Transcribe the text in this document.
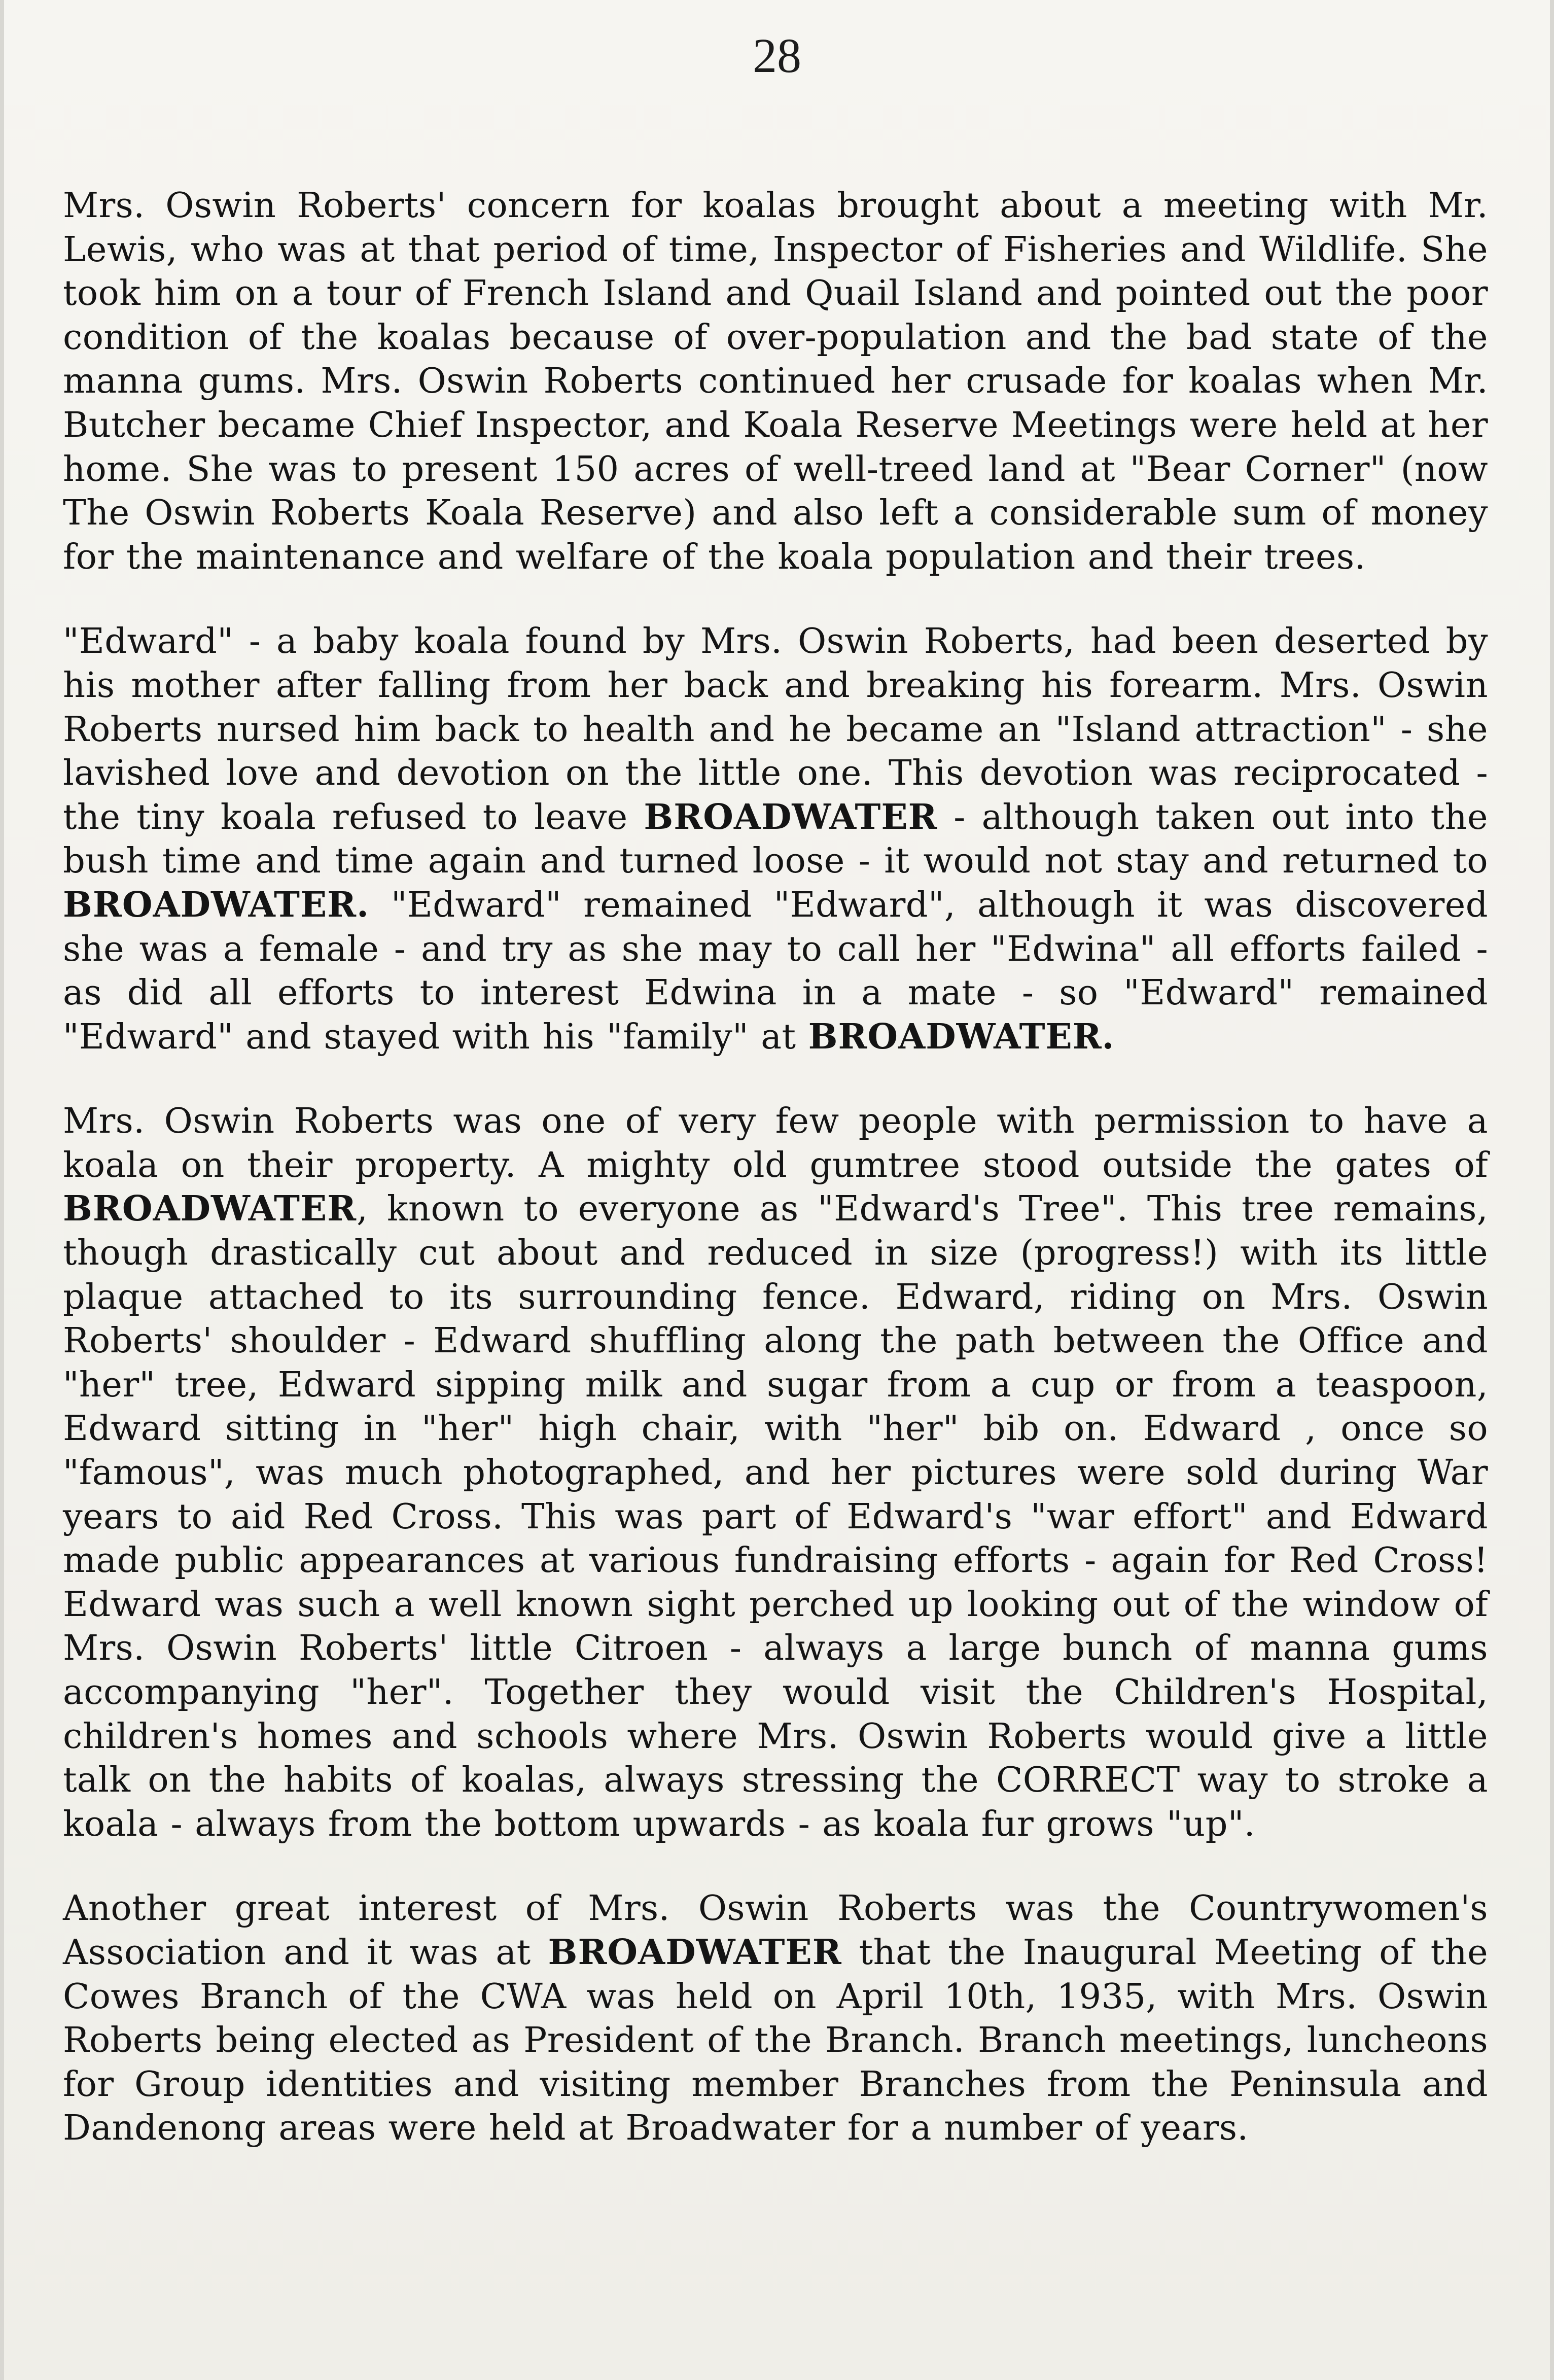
28

Mrs. Oswin Roberts' concern for koalas brought about a meeting with Mr. Lewis, who was at that period of time, Inspector of Fisheries and Wildlife. She took him on a tour of French Island and Quail Island and pointed out the poor condition of the koalas because of over-population and the bad state of the manna gums. Mrs. Oswin Roberts continued her crusade for koalas when Mr. Butcher became Chief Inspector, and Koala Reserve Meetings were held at her home. She was to present 150 acres of well-treed land at "Bear Corner" (now The Oswin Roberts Koala Reserve) and also left a considerable sum of money for the maintenance and welfare of the koala population and their trees.

"Edward" - a baby koala found by Mrs. Oswin Roberts, had been deserted by his mother after falling from her back and breaking his forearm. Mrs. Oswin Roberts nursed him back to health and he became an "Island attraction" - she lavished love and devotion on the little one. This devotion was reciprocated - the tiny koala refused to leave BROADWATER - although taken out into the bush time and time again and turned loose - it would not stay and returned to BROADWATER. "Edward" remained "Edward", although it was discovered she was a female - and try as she may to call her "Edwina" all efforts failed - as did all efforts to interest Edwina in a mate - so "Edward" remained "Edward" and stayed with his "family" at BROADWATER.

Mrs. Oswin Roberts was one of very few people with permission to have a koala on their property. A mighty old gumtree stood outside the gates of BROADWATER, known to everyone as "Edward's Tree". This tree remains, though drastically cut about and reduced in size (progress!) with its little plaque attached to its surrounding fence. Edward, riding on Mrs. Oswin Roberts' shoulder - Edward shuffling along the path between the Office and "her" tree, Edward sipping milk and sugar from a cup or from a teaspoon, Edward sitting in "her" high chair, with "her" bib on. Edward , once so "famous", was much photographed, and her pictures were sold during War years to aid Red Cross. This was part of Edward's "war effort" and Edward made public appearances at various fundraising efforts - again for Red Cross! Edward was such a well known sight perched up looking out of the window of Mrs. Oswin Roberts' little Citroen - always a large bunch of manna gums accompanying "her". Together they would visit the Children's Hospital, children's homes and schools where Mrs. Oswin Roberts would give a little talk on the habits of koalas, always stressing the CORRECT way to stroke a koala - always from the bottom upwards - as koala fur grows "up".

Another great interest of Mrs. Oswin Roberts was the Countrywomen's Association and it was at BROADWATER that the Inaugural Meeting of the Cowes Branch of the CWA was held on April 10th, 1935, with Mrs. Oswin Roberts being elected as President of the Branch. Branch meetings, luncheons for Group identities and visiting member Branches from the Peninsula and Dandenong areas were held at Broadwater for a number of years.
